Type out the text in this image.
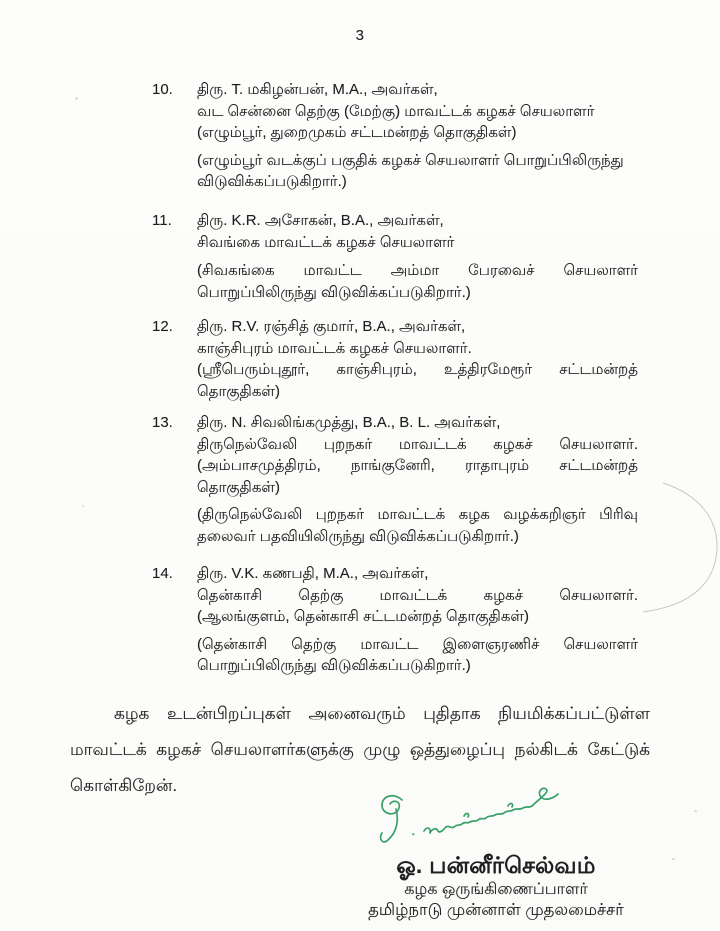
3
10.	திரு. T. மகிழன்பன், M.A., அவர்கள்,
வட சென்னை தெற்கு (மேற்கு) மாவட்டக் கழகச் செயலாளர்
(எழும்பூர், துறைமுகம் சட்டமன்றத் தொகுதிகள்)
(எழும்பூர் வடக்குப் பகுதிக் கழகச் செயலாளர் பொறுப்பிலிருந்து
விடுவிக்கப்படுகிறார்.)
11.	திரு. K.R. அசோகன், B.A., அவர்கள்,
சிவங்கை மாவட்டக் கழகச் செயலாளர்
(சிவகங்கை மாவட்ட அம்மா பேரவைச் செயலாளர்
பொறுப்பிலிருந்து விடுவிக்கப்படுகிறார்.)
12.	திரு. R.V. ரஞ்சித் குமார், B.A., அவர்கள்,
காஞ்சிபுரம் மாவட்டக் கழகச் செயலாளர்.
(ஸ்ரீபெரும்புதூர், காஞ்சிபுரம், உத்திரமேரூர் சட்டமன்றத்
தொகுதிகள்)
13.	திரு. N. சிவலிங்கமுத்து, B.A., B. L. அவர்கள்,
திருநெல்வேலி புறநகர் மாவட்டக் கழகச் செயலாளர்.
(அம்பாசமுத்திரம், நாங்குனேரி, ராதாபுரம் சட்டமன்றத்
தொகுதிகள்)
(திருநெல்வேலி புறநகர் மாவட்டக் கழக வழக்கறிஞர் பிரிவு
தலைவர் பதவியிலிருந்து விடுவிக்கப்படுகிறார்.)
14.	திரு. V.K. கணபதி, M.A., அவர்கள்,
தென்காசி தெற்கு மாவட்டக் கழகச் செயலாளர்.
(ஆலங்குளம், தென்காசி சட்டமன்றத் தொகுதிகள்)
(தென்காசி தெற்கு மாவட்ட இளைஞரணிச் செயலாளர்
பொறுப்பிலிருந்து விடுவிக்கப்படுகிறார்.)
கழக உடன்பிறப்புகள் அனைவரும் புதிதாக நியமிக்கப்பட்டுள்ள மாவட்டக் கழகச் செயலாளர்களுக்கு முழு ஒத்துழைப்பு நல்கிடக் கேட்டுக் கொள்கிறேன்.
ஓ. பன்னீர்செல்வம்
கழக ஒருங்கிணைப்பாளர்
தமிழ்நாடு முன்னாள் முதலமைச்சர்
